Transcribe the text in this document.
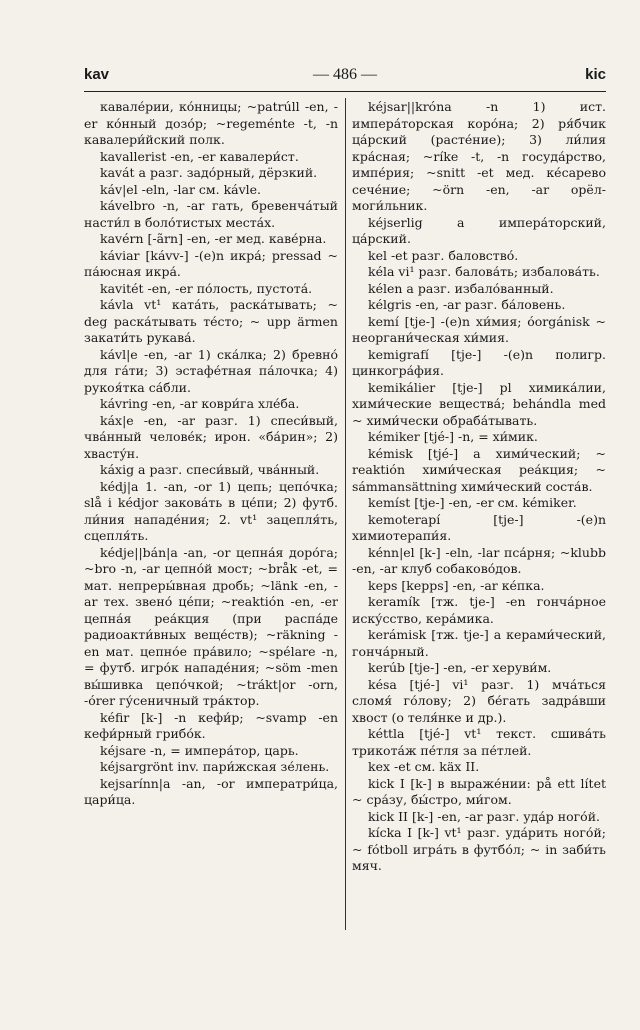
kav	— 486 —	kic

кавале́рии, ко́нницы; ~patrúll -en, -er ко́нный дозо́р; ~regeménte -t, -n кавалери́йский полк.

kavallerist -en, -er кавалери́ст.

kavát a разг. задо́рный, дёрзкий.

káv|el -eln, -lar см. kávle.

kávelbro -n, -ar гать, бревенча́тый насти́л в боло́тистых места́х.

kavérn [-ãrn] -en, -er мед. каве́рна.

káviar [kávv-] -(e)n икра́; pressad ~ па́юсная икра́.

kavitét -en, -er по́лость, пустота́.

kávla vt¹ ката́ть, раска́тывать; ~ deg раска́тывать те́сто; ~ upp ärmen закати́ть рукава́.

kávl|e -en, -ar 1) ска́лка; 2) бревно́ для га́ти; 3) эстафе́тная па́лочка; 4) рукоя́тка са́бли.

kávring -en, -ar коври́га хле́ба.

káx|e -en, -ar разг. 1) спеси́вый, чва́нный челове́к; ирон. «ба́рин»; 2) хвасту́н.

káxig a разг. спеси́вый, чва́нный.

kédj|a 1. -an, -or 1) цепь; цепо́чка; slå i kédjor закова́ть в це́пи; 2) футб. ли́ния нападе́ния; 2. vt¹ зацепля́ть, сцепля́ть.

kédje||bán|a -an, -or цепна́я доро́га; ~bro -n, -ar цепно́й мост; ~bråk -et, = мат. непреры́вная дробь; ~länk -en, -ar тех. звено́ це́пи; ~reaktión -en, -er цепна́я реа́кция (при распа́де радиоакти́вных веще́ств); ~räkning -en мат. цепно́е пра́вило; ~spélare -n, = футб. игро́к нападе́ния; ~söm -men вы́шивка цепо́чкой; ~trákt|or -orn, -órer гу́сеничный тра́ктор.

kéfir [k-] -n кефи́р; ~svamp -en кефи́рный грибо́к.

kéjsare -n, = импера́тор, царь.

kéjsargrönt inv. пари́жская зе́лень.

kejsarínn|a -an, -or императри́ца, цари́ца.

kéjsar||króna -n 1) ист. импера́торская коро́на; 2) ря́бчик ца́рский (расте́ние); 3) ли́лия кра́сная; ~ríke -t, -n госуда́рство, импе́рия; ~snitt -et мед. ке́сарево сече́ние; ~örn -en, -ar орёл-моги́льник.

kéjserlig a импера́торский, ца́рский.

kel -et разг. баловство́.

kéla vi¹ разг. балова́ть; избалова́ть.

kélen a разг. избало́ванный.

kélgris -en, -ar разг. ба́ловень.

kemí [tje-] -(e)n хи́мия; óorgánisk ~ неоргани́ческая хи́мия.

kemigrafí [tje-] -(e)n полигр. цинкогра́фия.

kemikálier [tje-] pl химика́лии, хими́ческие вещества́; behándla med ~ хими́чески обраба́тывать.

kémiker [tjé-] -n, = хи́мик.

kémisk [tjé-] a хими́ческий; ~ reaktión хими́ческая реа́кция; ~ sámmansättning хими́ческий соста́в.

kemíst [tje-] -en, -er см. kémiker.

kemoterapí [tje-] -(e)n химиотерапи́я.

kénn|el [k-] -eln, -lar пса́рня; ~klubb -en, -ar клуб собаково́дов.

keps [kepps] -en, -ar ке́пка.

keramík [тж. tje-] -en гонча́рное иску́сство, кера́мика.

kerámisk [тж. tje-] a керами́ческий, гонча́рный.

kerúb [tje-] -en, -er херуви́м.

késa [tjé-] vi¹ разг. 1) мча́ться сломя́ го́лову; 2) бе́гать задра́вши хвост (о теля́нке и др.).

kéttla [tjé-] vt¹ текст. сшива́ть трикота́ж пе́тля за пе́тлей.

kex -et см. käx II.

kick I [k-] в выраже́нии: på ett lítet ~ сра́зу, бы́стро, ми́гом.

kick II [k-] -en, -ar разг. уда́р ного́й.

kícka I [k-] vt¹ разг. уда́рить ного́й; ~ fótboll игра́ть в футбо́л; ~ in заби́ть мяч.
